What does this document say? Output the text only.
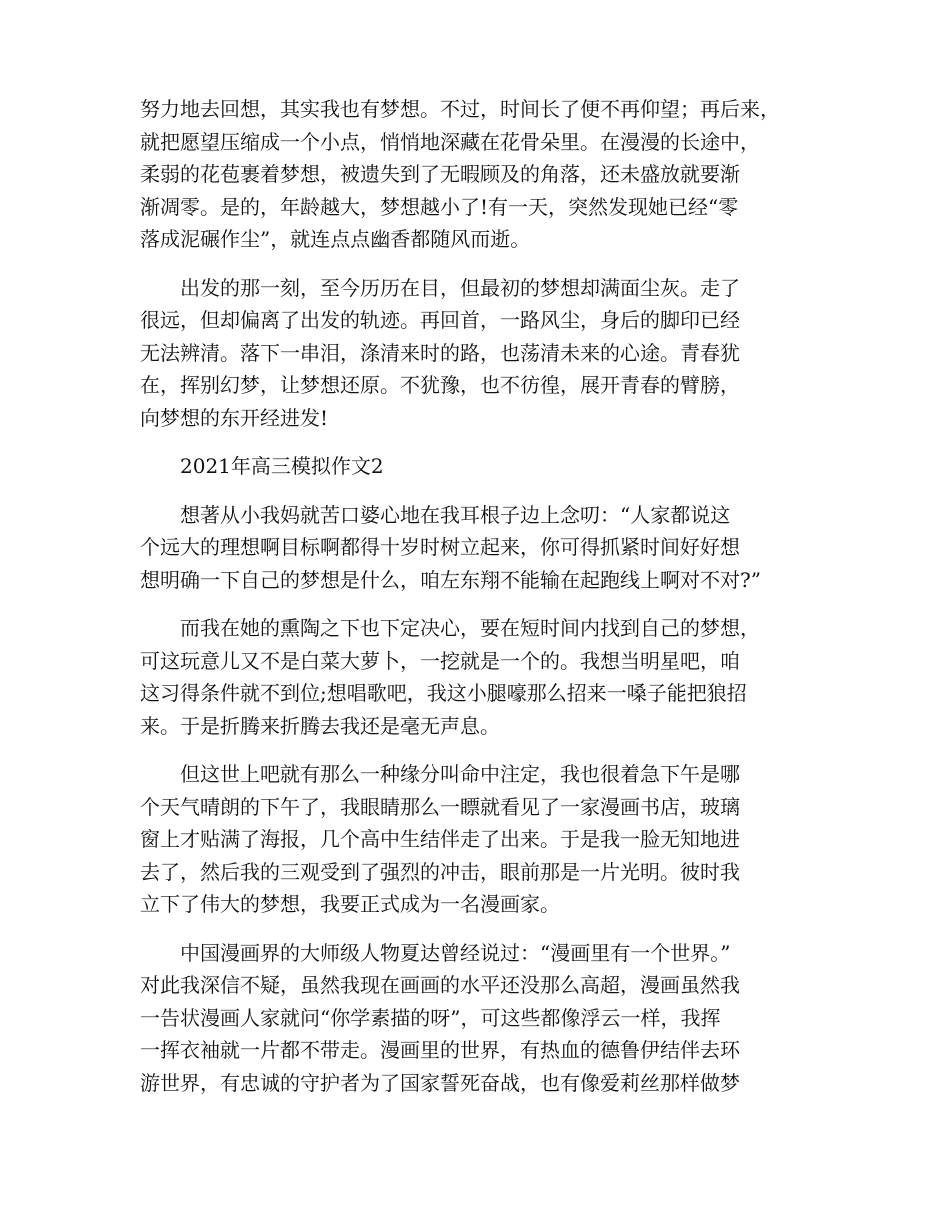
努力地去回想，其实我也有梦想。不过，时间长了便不再仰望；再后来，
就把愿望压缩成一个小点，悄悄地深藏在花骨朵里。在漫漫的长途中，
柔弱的花苞裹着梦想，被遗失到了无暇顾及的角落，还未盛放就要渐
渐凋零。是的，年龄越大，梦想越小了!有一天，突然发现她已经“零
落成泥碾作尘”，就连点点幽香都随风而逝。
出发的那一刻，至今历历在目，但最初的梦想却满面尘灰。走了
很远，但却偏离了出发的轨迹。再回首，一路风尘，身后的脚印已经
无法辨清。落下一串泪，涤清来时的路，也荡清未来的心途。青春犹
在，挥别幻梦，让梦想还原。不犹豫，也不彷徨，展开青春的臂膀，
向梦想的东开经进发!
2021年高三模拟作文2
想著从小我妈就苦口婆心地在我耳根子边上念叨：“人家都说这
个远大的理想啊目标啊都得十岁时树立起来，你可得抓紧时间好好想
想明确一下自己的梦想是什么，咱左东翔不能输在起跑线上啊对不对?”
而我在她的熏陶之下也下定决心，要在短时间内找到自己的梦想，
可这玩意儿又不是白菜大萝卜，一挖就是一个的。我想当明星吧，咱
这习得条件就不到位;想唱歌吧，我这小腿嚎那么招来一嗓子能把狼招
来。于是折腾来折腾去我还是毫无声息。
但这世上吧就有那么一种缘分叫命中注定，我也很着急下午是哪
个天气晴朗的下午了，我眼睛那么一瞟就看见了一家漫画书店，玻璃
窗上才贴满了海报，几个高中生结伴走了出来。于是我一脸无知地进
去了，然后我的三观受到了强烈的冲击，眼前那是一片光明。彼时我
立下了伟大的梦想，我要正式成为一名漫画家。
中国漫画界的大师级人物夏达曾经说过：“漫画里有一个世界。”
对此我深信不疑，虽然我现在画画的水平还没那么高超，漫画虽然我
一告状漫画人家就问“你学素描的呀”，可这些都像浮云一样，我挥
一挥衣袖就一片都不带走。漫画里的世界，有热血的德鲁伊结伴去环
游世界，有忠诚的守护者为了国家誓死奋战，也有像爱莉丝那样做梦
